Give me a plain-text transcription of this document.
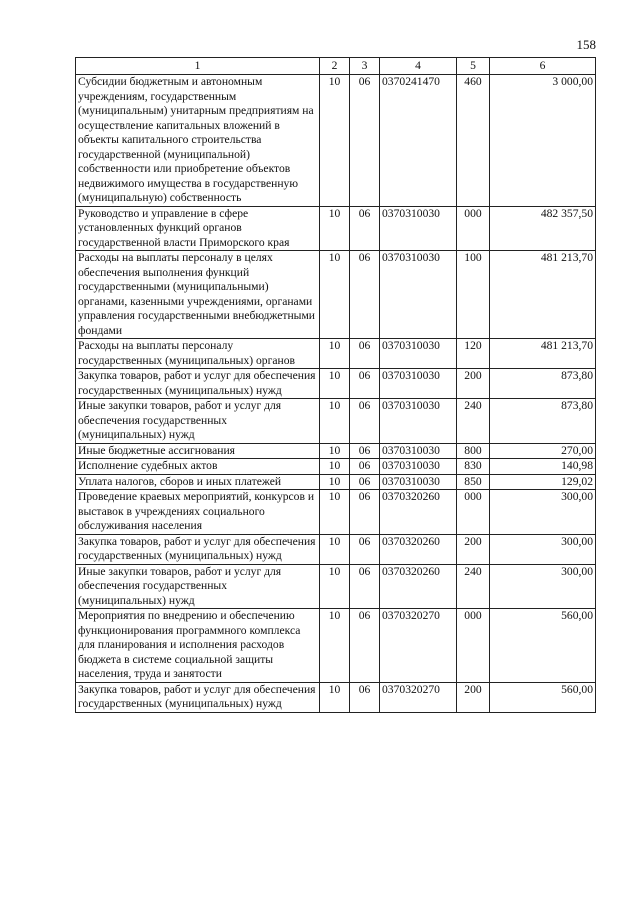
158
1	2	3	4	5	6
Субсидии бюджетным и автономным учреждениям, государственным (муниципальным) унитарным предприятиям на осуществление капитальных вложений в объекты капитального строительства государственной (муниципальной) собственности или приобретение объектов недвижимого имущества в государственную (муниципальную) собственность	10	06	0370241470	460	3 000,00
Руководство и управление в сфере установленных функций органов государственной власти Приморского края	10	06	0370310030	000	482 357,50
Расходы на выплаты персоналу в целях обеспечения выполнения функций государственными (муниципальными) органами, казенными учреждениями, органами управления государственными внебюджетными фондами	10	06	0370310030	100	481 213,70
Расходы на выплаты персоналу государственных (муниципальных) органов	10	06	0370310030	120	481 213,70
Закупка товаров, работ и услуг для обеспечения государственных (муниципальных) нужд	10	06	0370310030	200	873,80
Иные закупки товаров, работ и услуг для обеспечения государственных (муниципальных) нужд	10	06	0370310030	240	873,80
Иные бюджетные ассигнования	10	06	0370310030	800	270,00
Исполнение судебных актов	10	06	0370310030	830	140,98
Уплата налогов, сборов и иных платежей	10	06	0370310030	850	129,02
Проведение краевых мероприятий, конкурсов и выставок в учреждениях социального обслуживания населения	10	06	0370320260	000	300,00
Закупка товаров, работ и услуг для обеспечения государственных (муниципальных) нужд	10	06	0370320260	200	300,00
Иные закупки товаров, работ и услуг для обеспечения государственных (муниципальных) нужд	10	06	0370320260	240	300,00
Мероприятия по внедрению и обеспечению функционирования программного комплекса для планирования и исполнения расходов бюджета в системе социальной защиты населения, труда и занятости	10	06	0370320270	000	560,00
Закупка товаров, работ и услуг для обеспечения государственных (муниципальных) нужд	10	06	0370320270	200	560,00
